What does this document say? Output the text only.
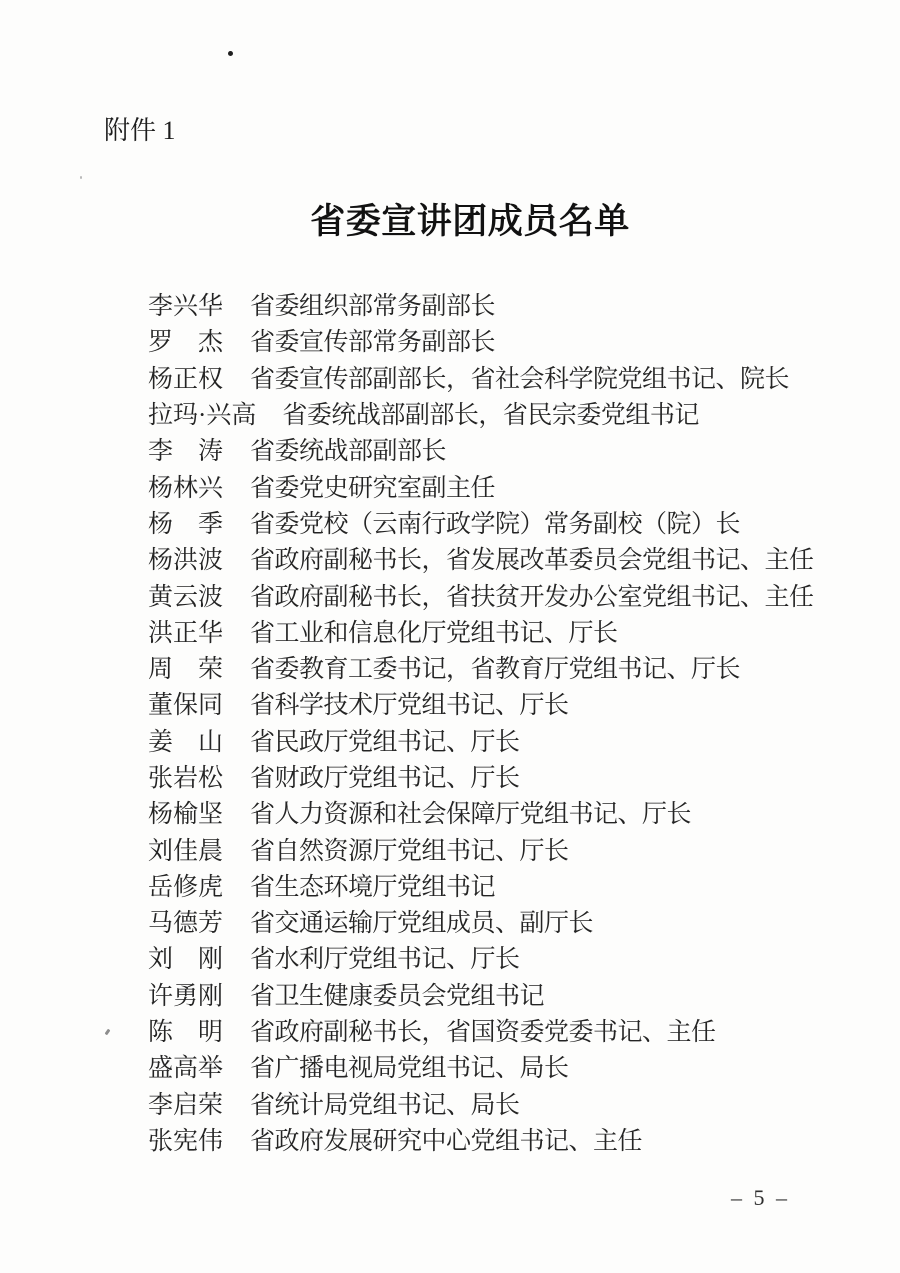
附件 1
省委宣讲团成员名单
李兴华 省委组织部常务副部长
罗　杰 省委宣传部常务副部长
杨正权 省委宣传部副部长，省社会科学院党组书记、院长
拉玛·兴高 省委统战部副部长，省民宗委党组书记
李　涛 省委统战部副部长
杨林兴 省委党史研究室副主任
杨　季 省委党校（云南行政学院）常务副校（院）长
杨洪波 省政府副秘书长，省发展改革委员会党组书记、主任
黄云波 省政府副秘书长，省扶贫开发办公室党组书记、主任
洪正华 省工业和信息化厅党组书记、厅长
周　荣 省委教育工委书记，省教育厅党组书记、厅长
董保同 省科学技术厅党组书记、厅长
姜　山 省民政厅党组书记、厅长
张岩松 省财政厅党组书记、厅长
杨榆坚 省人力资源和社会保障厅党组书记、厅长
刘佳晨 省自然资源厅党组书记、厅长
岳修虎 省生态环境厅党组书记
马德芳 省交通运输厅党组成员、副厅长
刘　刚 省水利厅党组书记、厅长
许勇刚 省卫生健康委员会党组书记
陈　明 省政府副秘书长，省国资委党委书记、主任
盛高举 省广播电视局党组书记、局长
李启荣 省统计局党组书记、局长
张宪伟 省政府发展研究中心党组书记、主任
– 5 –
